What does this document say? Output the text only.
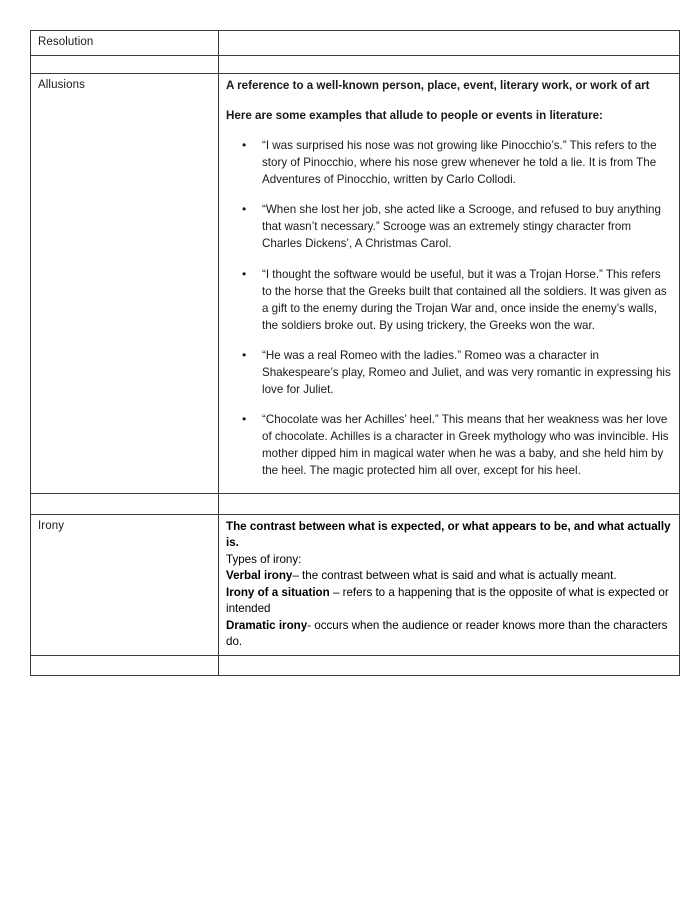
Resolution	

Allusions	A reference to a well-known person, place, event, literary work, or work of art

Here are some examples that allude to people or events in literature:

• “I was surprised his nose was not growing like Pinocchio’s.” This refers to the story of Pinocchio, where his nose grew whenever he told a lie. It is from The Adventures of Pinocchio, written by Carlo Collodi.
• “When she lost her job, she acted like a Scrooge, and refused to buy anything that wasn’t necessary.” Scrooge was an extremely stingy character from Charles Dickens’, A Christmas Carol.
• “I thought the software would be useful, but it was a Trojan Horse.” This refers to the horse that the Greeks built that contained all the soldiers. It was given as a gift to the enemy during the Trojan War and, once inside the enemy’s walls, the soldiers broke out. By using trickery, the Greeks won the war.
• “He was a real Romeo with the ladies.” Romeo was a character in Shakespeare’s play, Romeo and Juliet, and was very romantic in expressing his love for Juliet.
• “Chocolate was her Achilles’ heel.” This means that her weakness was her love of chocolate. Achilles is a character in Greek mythology who was invincible. His mother dipped him in magical water when he was a baby, and she held him by the heel. The magic protected him all over, except for his heel.

Irony	The contrast between what is expected, or what appears to be, and what actually is.

Types of irony:

Verbal irony– the contrast between what is said and what is actually meant.

Irony of a situation – refers to a happening that is the opposite of what is expected or intended

Dramatic irony- occurs when the audience or reader knows more than the characters do.
